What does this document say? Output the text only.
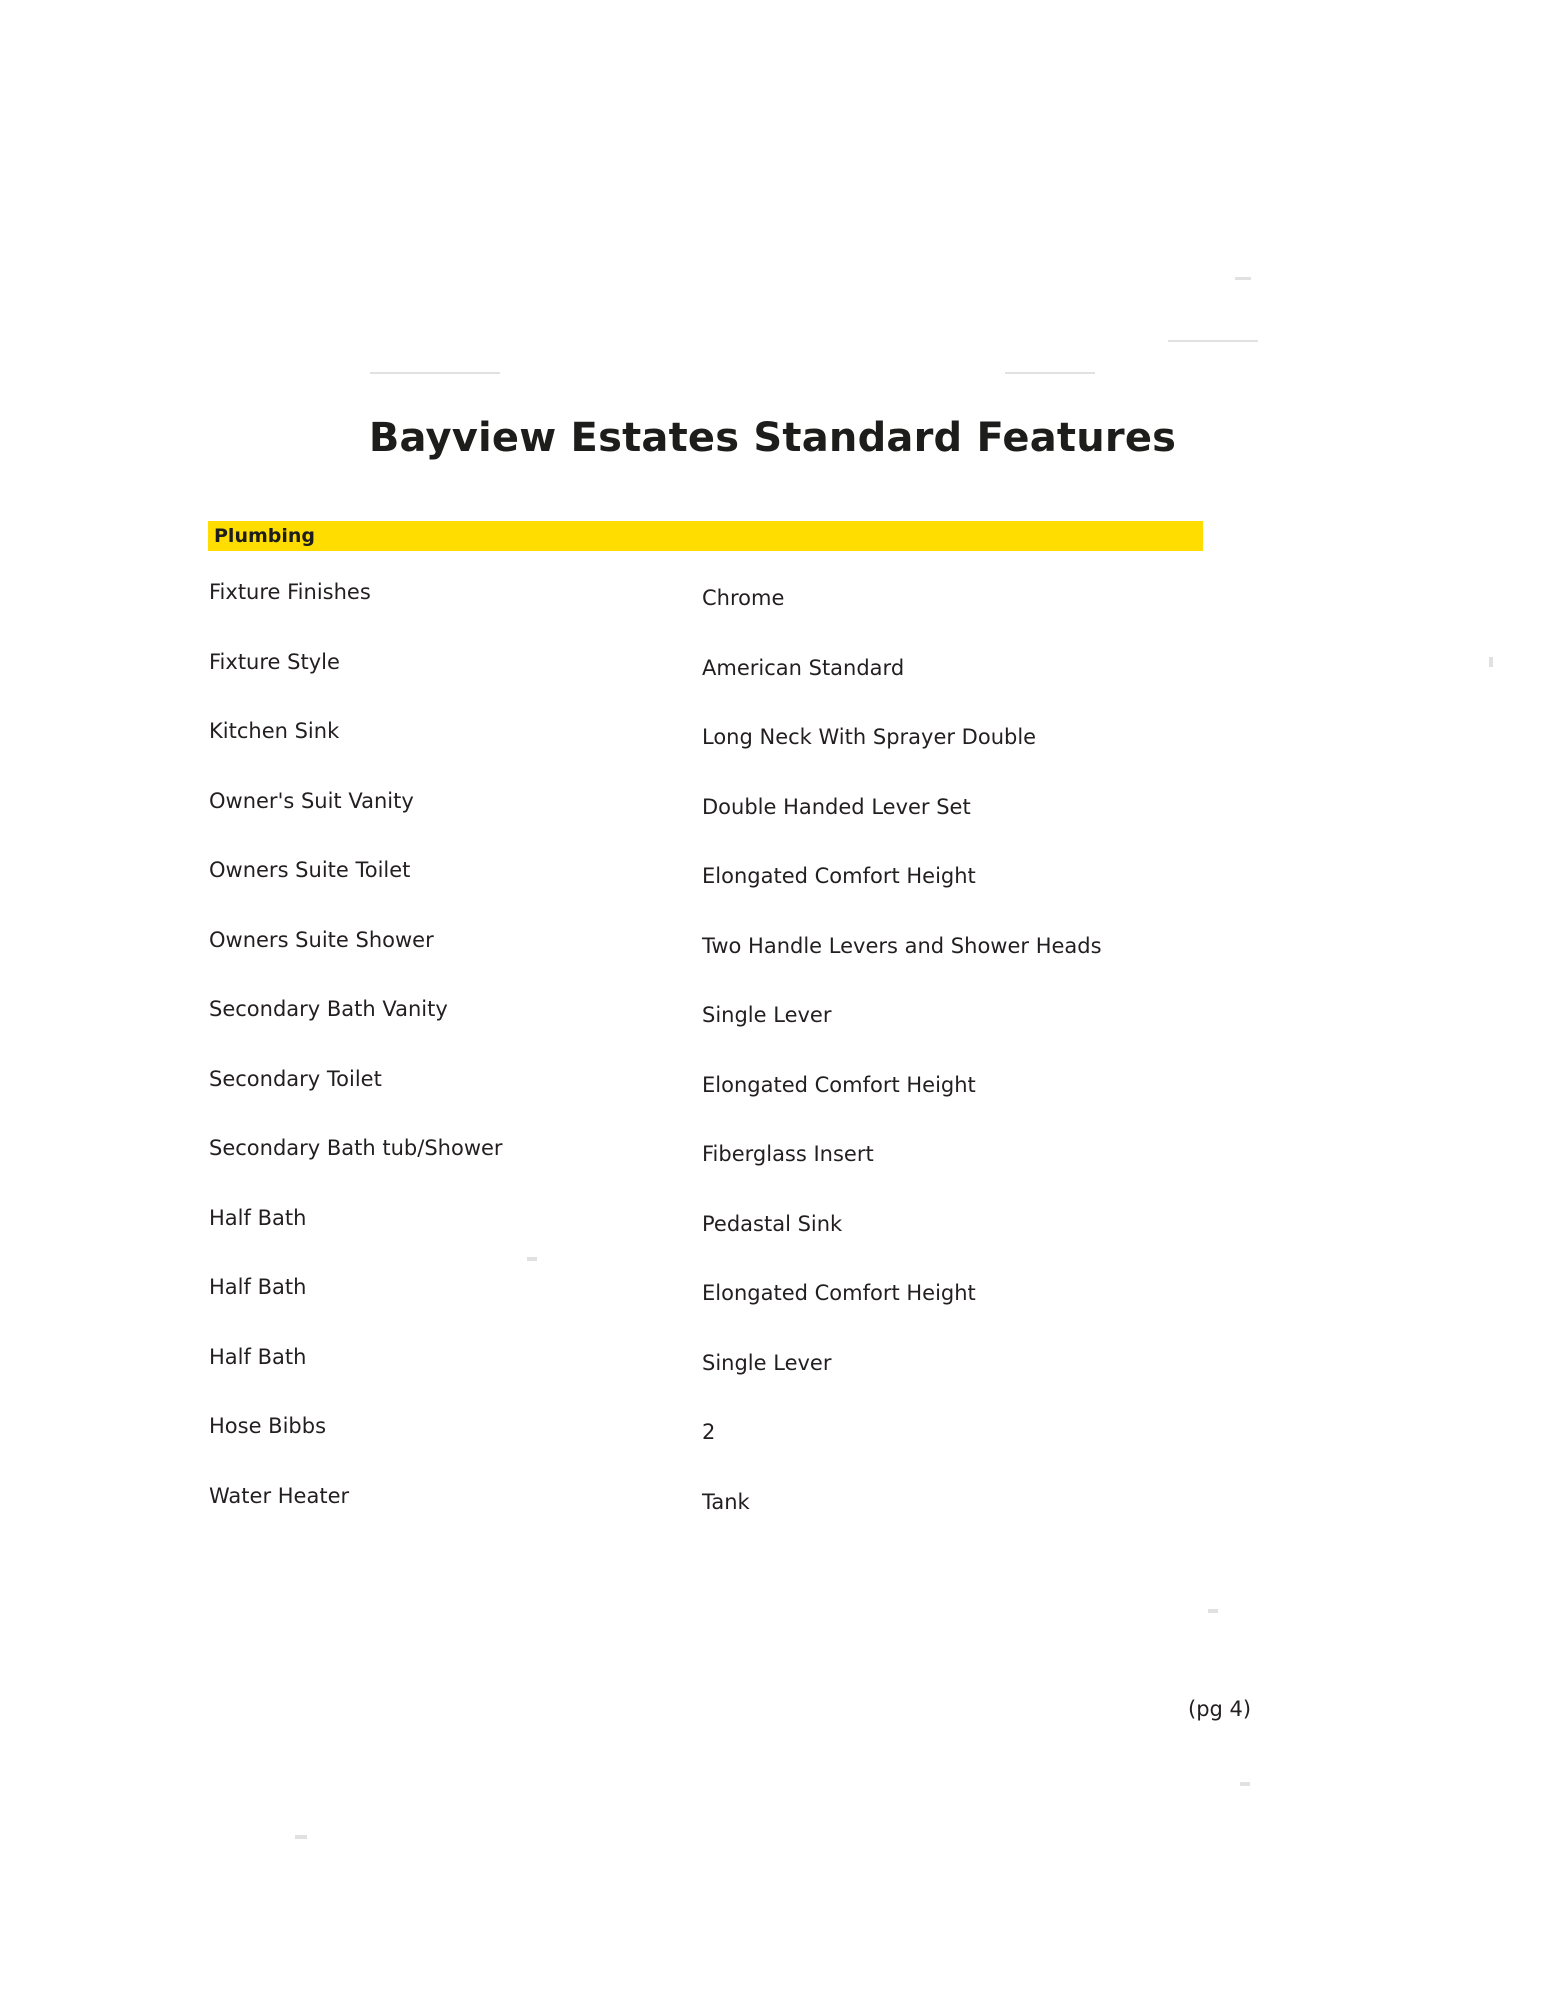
Bayview Estates Standard Features
Plumbing
Fixture Finishes	Chrome
Fixture Style	American Standard
Kitchen Sink	Long Neck With Sprayer Double
Owner's Suit Vanity	Double Handed Lever Set
Owners Suite Toilet	Elongated Comfort Height
Owners Suite Shower	Two Handle Levers and Shower Heads
Secondary Bath Vanity	Single Lever
Secondary Toilet	Elongated Comfort Height
Secondary Bath tub/Shower	Fiberglass Insert
Half Bath	Pedastal Sink
Half Bath	Elongated Comfort Height
Half Bath	Single Lever
Hose Bibbs	2
Water Heater	Tank
(pg 4)
